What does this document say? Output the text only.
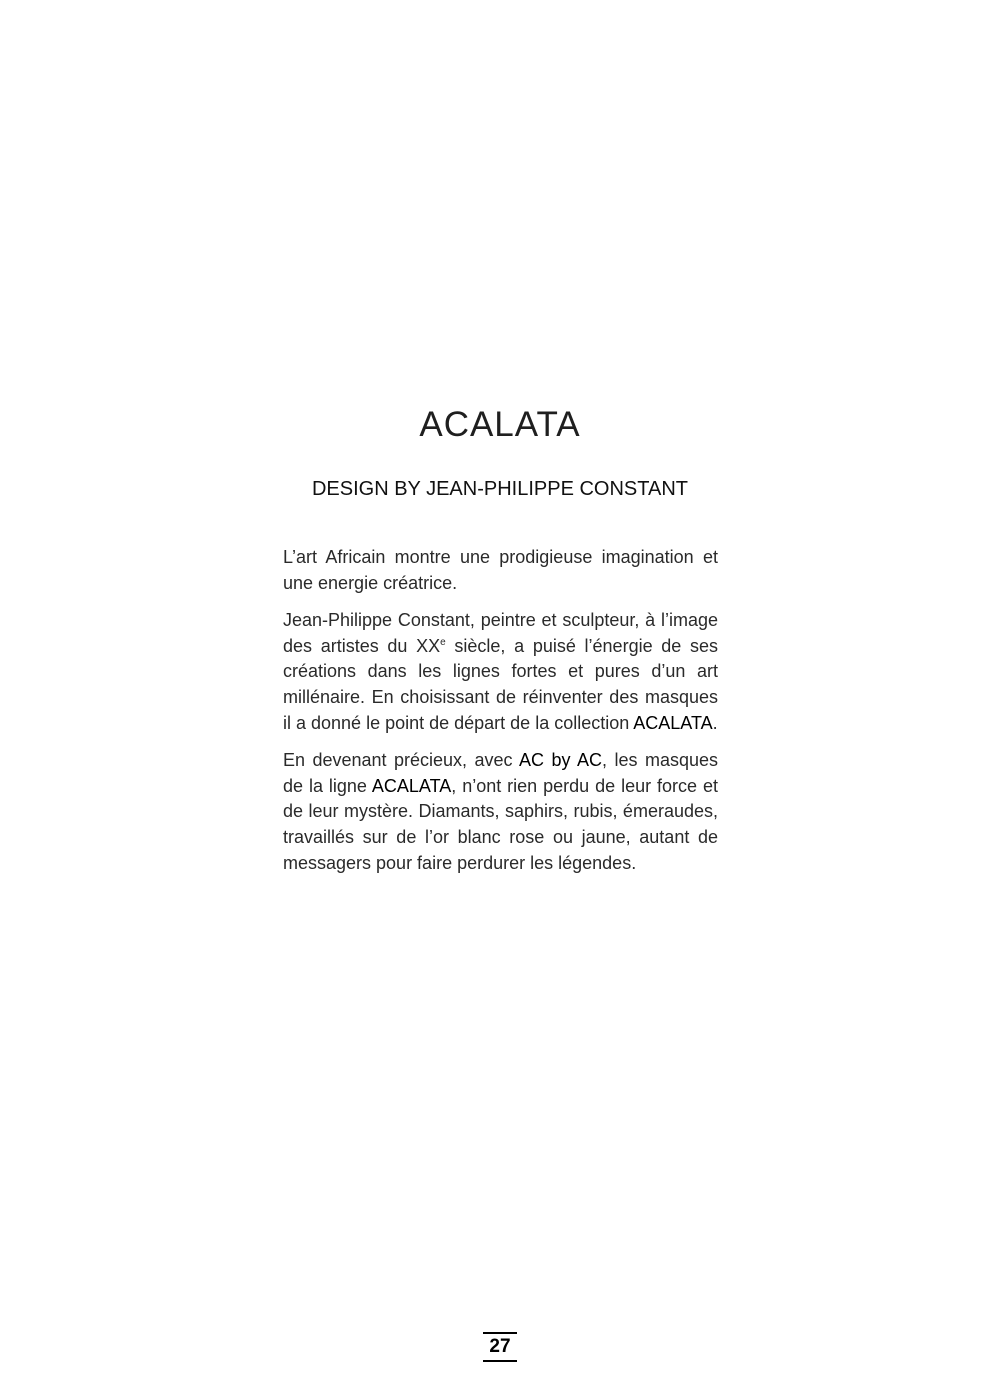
ACALATA
DESIGN BY JEAN-PHILIPPE CONSTANT

L’art Africain montre une prodigieuse imagination et une energie créatrice.

Jean-Philippe Constant, peintre et sculpteur, à l’image des artistes du XXe siècle, a puisé l’énergie de ses créations dans les lignes fortes et pures d’un art millénaire. En choisissant de réinventer des masques il a donné le point de départ de la collection ACALATA.

En devenant précieux, avec AC by AC, les masques de la ligne ACALATA, n’ont rien perdu de leur force et de leur mystère. Diamants, saphirs, rubis, émeraudes, travaillés sur de l’or blanc rose ou jaune, autant de messagers pour faire perdurer les légendes.

27
